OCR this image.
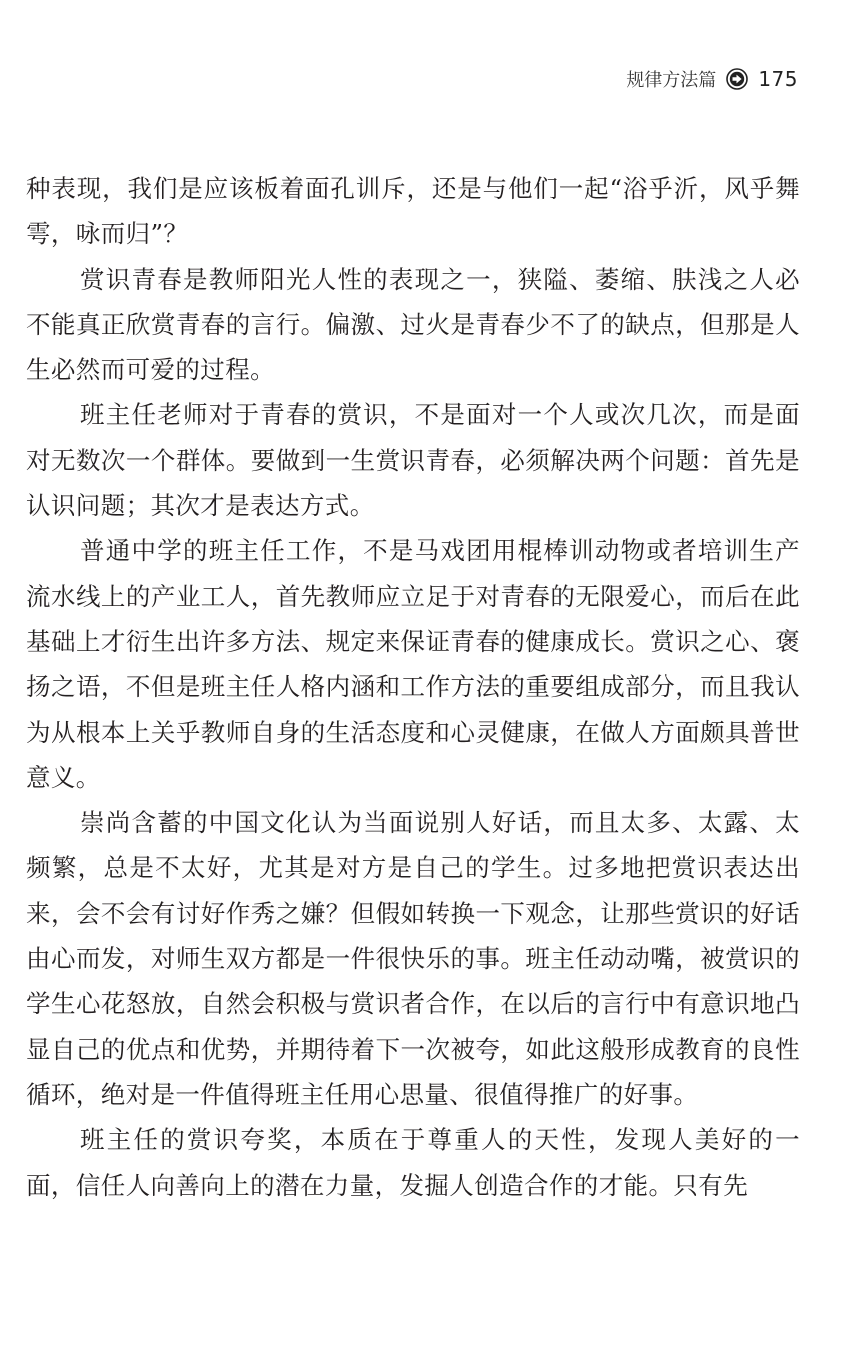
规律方法篇 175

种表现，我们是应该板着面孔训斥，还是与他们一起“浴乎沂，风乎舞雩，咏而归”？

赏识青春是教师阳光人性的表现之一，狭隘、萎缩、肤浅之人必不能真正欣赏青春的言行。偏激、过火是青春少不了的缺点，但那是人生必然而可爱的过程。

班主任老师对于青春的赏识，不是面对一个人或次几次，而是面对无数次一个群体。要做到一生赏识青春，必须解决两个问题：首先是认识问题；其次才是表达方式。

普通中学的班主任工作，不是马戏团用棍棒训动物或者培训生产流水线上的产业工人，首先教师应立足于对青春的无限爱心，而后在此基础上才衍生出许多方法、规定来保证青春的健康成长。赏识之心、褒扬之语，不但是班主任人格内涵和工作方法的重要组成部分，而且我认为从根本上关乎教师自身的生活态度和心灵健康，在做人方面颇具普世意义。

崇尚含蓄的中国文化认为当面说别人好话，而且太多、太露、太频繁，总是不太好，尤其是对方是自己的学生。过多地把赏识表达出来，会不会有讨好作秀之嫌？但假如转换一下观念，让那些赏识的好话由心而发，对师生双方都是一件很快乐的事。班主任动动嘴，被赏识的学生心花怒放，自然会积极与赏识者合作，在以后的言行中有意识地凸显自己的优点和优势，并期待着下一次被夸，如此这般形成教育的良性循环，绝对是一件值得班主任用心思量、很值得推广的好事。

班主任的赏识夸奖，本质在于尊重人的天性，发现人美好的一面，信任人向善向上的潜在力量，发掘人创造合作的才能。只有先
